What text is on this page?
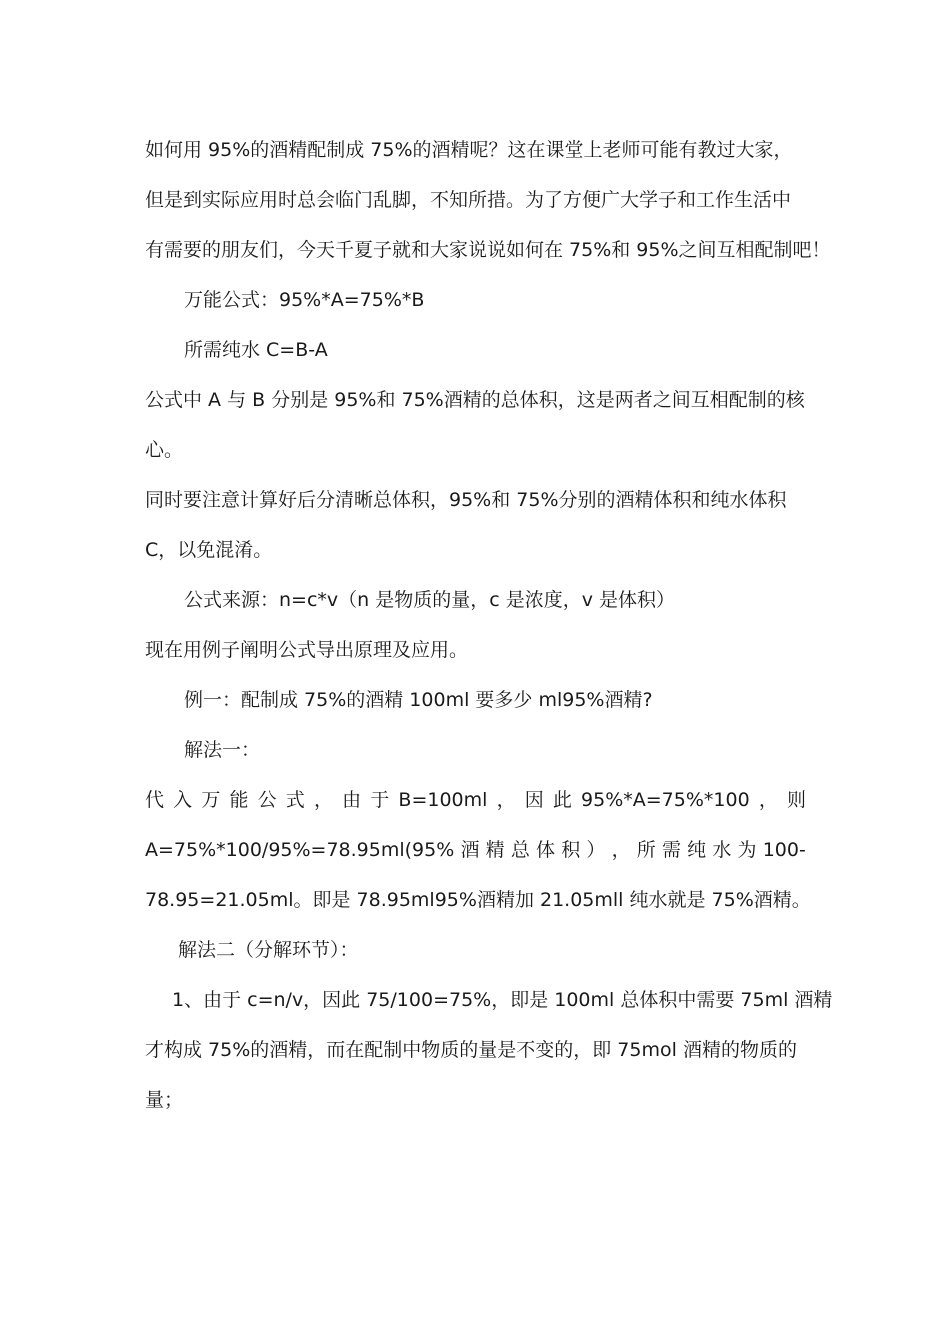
如何用 95%的酒精配制成 75%的酒精呢？这在课堂上老师可能有教过大家，
但是到实际应用时总会临门乱脚，不知所措。为了方便广大学子和工作生活中
有需要的朋友们，今天千夏子就和大家说说如何在 75%和 95%之间互相配制吧！
万能公式：95%*A=75%*B
所需纯水 C=B-A
公式中 A 与 B 分别是 95%和 75%酒精的总体积，这是两者之间互相配制的核
心。
同时要注意计算好后分清晰总体积，95%和 75%分别的酒精体积和纯水体积
C，以免混淆。
公式来源：n=c*v（n 是物质的量，c 是浓度，v 是体积）
现在用例子阐明公式导出原理及应用。
例一：配制成 75%的酒精 100ml 要多少 ml95%酒精?
解法一：
代 入 万 能 公 式 ， 由 于 B=100ml ， 因 此 95%*A=75%*100 ， 则
A=75%*100/95%=78.95ml(95% 酒 精 总 体 积 ） ， 所 需 纯 水 为 100-
78.95=21.05ml。即是 78.95ml95%酒精加 21.05mll 纯水就是 75%酒精。
解法二（分解环节）：
1、由于 c=n/v，因此 75/100=75%，即是 100ml 总体积中需要 75ml 酒精
才构成 75%的酒精，而在配制中物质的量是不变的，即 75mol 酒精的物质的
量；
